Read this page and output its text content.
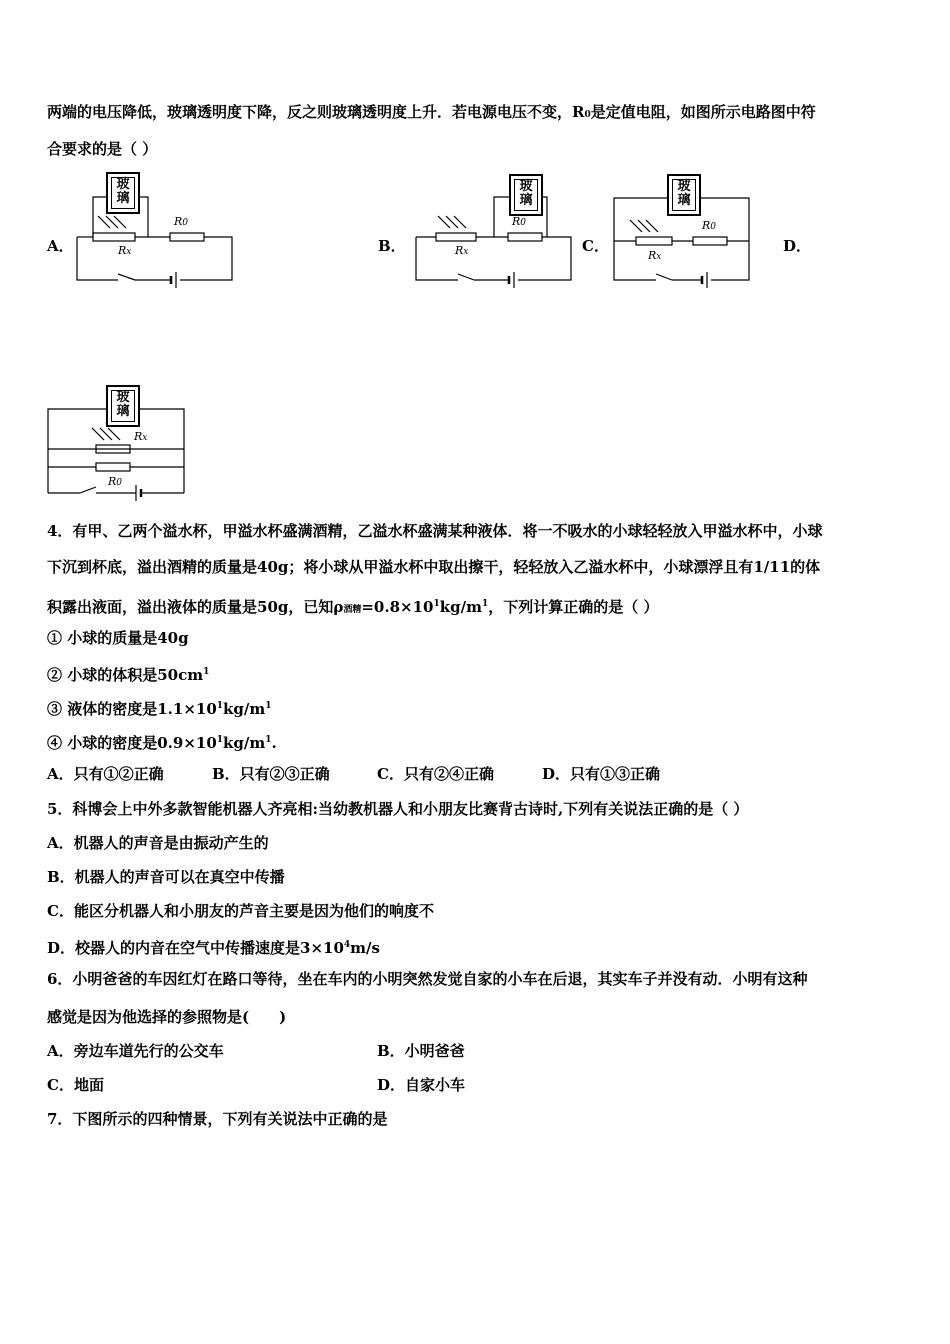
两端的电压降低，玻璃透明度下降，反之则玻璃透明度上升．若电源电压不变，R0是定值电阻，如图所示电路图中符
合要求的是（ ）
A．	B．	C．	D．
玻
璃
Rx
R0
玻
璃
Rx
R0
玻
璃
Rx
R0
玻
璃
Rx
R0
4．有甲、乙两个溢水杯，甲溢水杯盛满酒精，乙溢水杯盛满某种液体．将一不吸水的小球轻轻放入甲溢水杯中，小球
下沉到杯底，溢出酒精的质量是40g；将小球从甲溢水杯中取出擦干，轻轻放入乙溢水杯中，小球漂浮且有1/11的体
积露出液面，溢出液体的质量是50g，已知ρ酒精$=0.8\times 10^1kg/m^1$，下列计算正确的是（ ）
① 小球的质量是40g
② 小球的体积是$50cm^1$
③ 液体的密度是$1.1\times 10^1kg/m^1$
④ 小球的密度是$0.9\times 10^1kg/m^1$.
A．只有①②正确	B．只有②③正确	C．只有②④正确	D．只有①③正确
5．科博会上中外多款智能机器人齐亮相:当幼教机器人和小朋友比赛背古诗时,下列有关说法正确的是（ ）
A．机器人的声音是由振动产生的
B．机器人的声音可以在真空中传播
C．能区分机器人和小朋友的芦音主要是因为他们的响度不
D．校器人的内音在空气中传播速度是$3\times 10^4m/s$
6．小明爸爸的车因红灯在路口等待，坐在车内的小明突然发觉自家的小车在后退，其实车子并没有动．小明有这种
感觉是因为他选择的参照物是(　　)
A．旁边车道先行的公交车	B．小明爸爸
C．地面	D．自家小车
7．下图所示的四种情景，下列有关说法中正确的是
